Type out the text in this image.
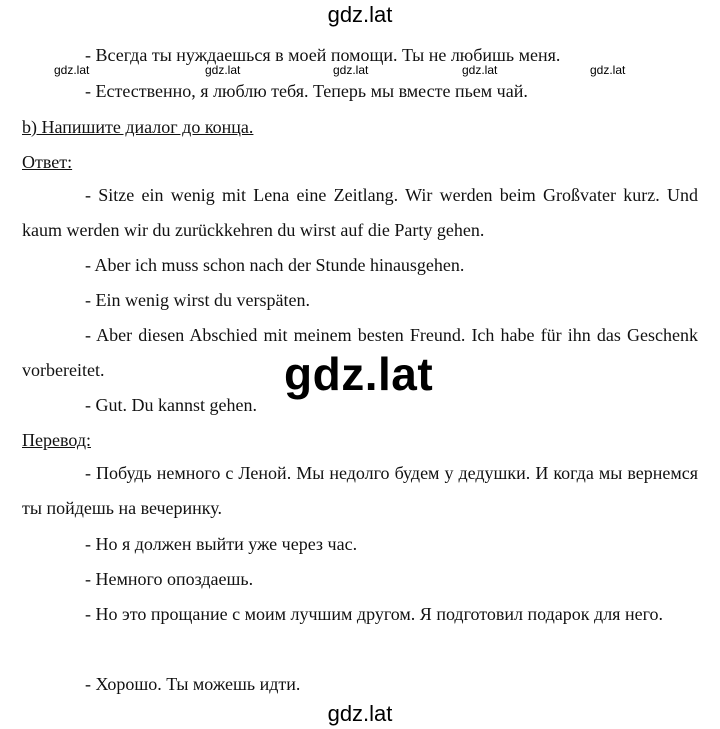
gdz.lat
- Всегда ты нуждаешься в моей помощи. Ты не любишь меня.
gdz.lat	gdz.lat	gdz.lat	gdz.lat	gdz.lat
- Естественно, я люблю тебя. Теперь мы вместе пьем чай.
b) Напишите диалог до конца.
Ответ:
- Sitze ein wenig mit Lena eine Zeitlang. Wir werden beim Großvater kurz. Und kaum werden wir du zurückkehren du wirst auf die Party gehen.
- Aber ich muss schon nach der Stunde hinausgehen.
- Ein wenig wirst du verspäten.
- Aber diesen Abschied mit meinem besten Freund. Ich habe für ihn das Geschenk vorbereitet.
- Gut. Du kannst gehen.
gdz.lat
Перевод:
- Побудь немного с Леной. Мы недолго будем у дедушки. И когда мы вернемся ты пойдешь на вечеринку.
- Но я должен выйти уже через час.
- Немного опоздаешь.
- Но это прощание с моим лучшим другом. Я подготовил подарок для него.
- Хорошо. Ты можешь идти.
gdz.lat
